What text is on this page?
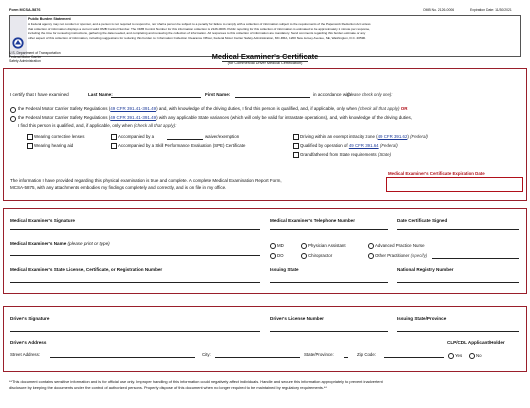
Form MCSA-5876	OMB No. 2126-0006	Expiration Date: 11/30/2021
Public Burden Statement
A Federal agency may not conduct or sponsor, and a person is not required to respond to, nor shall a person be subject to a penalty for failure to comply with a collection of information subject to the requirements of the Paperwork Reduction Act unless
that collection of information displays a current valid OMB Control Number. The OMB Control Number for this information collection is 2126-0006. Public reporting for this collection of information is estimated to be approximately 1 minute per response,
including the time for reviewing instructions, gathering the data needed, and completing and reviewing the collection of information. All responses to this collection of information are mandatory. Send comments regarding this burden estimate or any
other aspect of this collection of information, including suggestions for reducing this burden to: Information Collection Clearance Officer, Federal Motor Carrier Safety Administration, MC-RRA, 1200 New Jersey Avenue, SE, Washington, D.C. 20590.
U.S. Department of Transportation
Federal Motor Carrier
Safety Administration	Medical Examiner's Certificate
(for Commercial Driver Medical Certification)
I certify that I have examined	Last Name:	First Name:	in accordance with
(please check only one):
the Federal Motor Carrier Safety Regulations (49 CFR 391.41-391.49) and, with knowledge of the driving duties, I find this person is qualified, and, if applicable, only when (check all that apply) OR
the Federal Motor Carrier Safety Regulations (49 CFR 391.41-391.49) with any applicable State variances (which will only be valid for intrastate operations), and, with knowledge of the driving duties,
I find this person is qualified, and, if applicable, only when (check all that apply):
Wearing corrective lenses
Wearing hearing aid
Accompanied by a	waiver/exemption
Accompanied by a Skill Performance Evaluation (SPE) Certificate
Driving within an exempt intracity zone (49 CFR 391.62) (Federal)
Qualified by operation of 49 CFR 391.64 (Federal)
Grandfathered from State requirements (State)
The information I have provided regarding this physical examination is true and complete. A complete Medical Examination Report Form,
MCSA-5875, with any attachments embodies my findings completely and correctly, and is on file in my office.
Medical Examiner's Certificate Expiration Date
Medical Examiner's Signature	Medical Examiner's Telephone Number	Date Certificate Signed
Medical Examiner's Name (please print or type)	MD	Physician Assistant	Advanced Practice Nurse
DO	Chiropractor	Other Practitioner (specify)
Medical Examiner's State License, Certificate, or Registration Number	Issuing State	National Registry Number
Driver's Signature	Driver's License Number	Issuing State/Province
Driver's Address	CLP/CDL Applicant/Holder
Street Address:	City:	State/Province:	Zip Code:	Yes	No
**This document contains sensitive information and is for official use only. Improper handling of this information could negatively affect individuals. Handle and secure this information appropriately to prevent inadvertent
disclosure by keeping the documents under the control of authorized persons. Properly dispose of this document when no longer required to be maintained by regulatory requirements.**
